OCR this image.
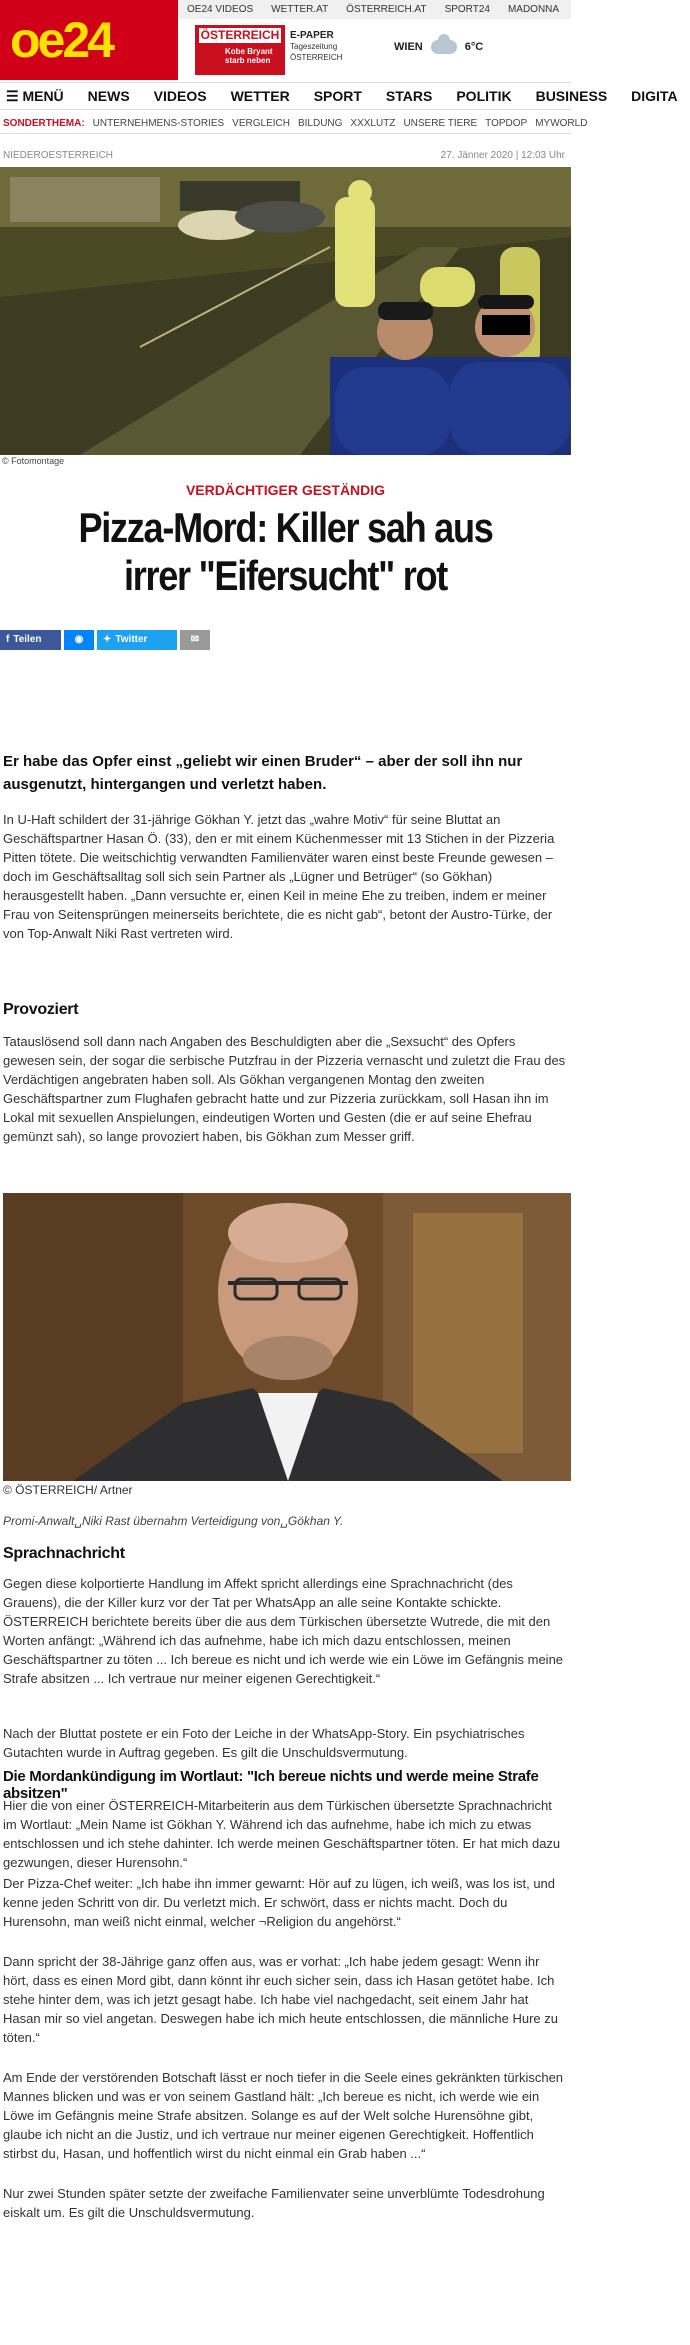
oe24
OE24 VIDEOS	WETTER.AT	ÖSTERREICH.AT	SPORT24	MADONNA
ÖSTERREICH
Kobe Bryant starb neben
E-PAPER
Tageszeitung
ÖSTERREICH
WIEN	6°C
☰ MENÜ	NEWS	VIDEOS	WETTER	SPORT	STARS	POLITIK	BUSINESS	DIGITA
SONDERTHEMA: UNTERNEHMENS-STORIES VERGLEICH BILDUNG XXXLUTZ UNSERE TIERE TOPDOP MYWORLD
NIEDEROESTERREICH	27. Jänner 2020 | 12:03 Uhr
© Fotomontage
VERDÄCHTIGER GESTÄNDIG
Pizza-Mord: Killer sah aus irrer "Eifersucht" rot
f Teilen	◉ ✦ Twitter	✉

Er habe das Opfer einst „geliebt wir einen Bruder“ – aber der soll ihn nur ausgenutzt, hintergangen und verletzt haben.

In U-Haft schildert der 31-jährige Gökhan Y. jetzt das „wahre Motiv“ für seine Bluttat an Geschäftspartner Hasan Ö. (33), den er mit einem Küchenmesser mit 13 Stichen in der Pizzeria Pitten tötete. Die weitschichtig verwandten Familienväter waren einst beste Freunde gewesen – doch im Geschäftsalltag soll sich sein Partner als „Lügner und Betrüger“ (so Gökhan) herausgestellt haben. „Dann versuchte er, einen Keil in meine Ehe zu treiben, indem er meiner Frau von Seitensprüngen meinerseits berichtete, die es nicht gab“, betont der Austro-Türke, der von Top-Anwalt Niki Rast vertreten wird.

Provoziert

Tatauslösend soll dann nach Angaben des Beschuldigten aber die „Sexsucht“ des Opfers gewesen sein, der sogar die serbische Putzfrau in der Pizzeria vernascht und zuletzt die Frau des Verdächtigen angebraten haben soll. Als Gökhan vergangenen Montag den zweiten Geschäftspartner zum Flughafen gebracht hatte und zur Pizzeria zurückkam, soll Hasan ihn im Lokal mit sexuellen Anspielungen, eindeutigen Worten und Gesten (die er auf seine Ehefrau gemünzt sah), so lange provoziert haben, bis Gökhan zum Messer griff.

© ÖSTERREICH/ Artner
Promi-Anwalt␣Niki Rast übernahm Verteidigung von␣Gökhan Y.
Sprachnachricht

Gegen diese kolportierte Handlung im Affekt spricht allerdings eine Sprachnachricht (des Grauens), die der Killer kurz vor der Tat per WhatsApp an alle seine Kontakte schickte. ÖSTERREICH berichtete bereits über die aus dem Türkischen übersetzte Wutrede, die mit den Worten anfängt: „Während ich das aufnehme, habe ich mich dazu entschlossen, meinen Geschäftspartner zu töten ... Ich bereue es nicht und ich werde wie ein Löwe im Gefängnis meine Strafe absitzen ... Ich vertraue nur meiner eigenen Gerechtigkeit.“

Nach der Bluttat postete er ein Foto der Leiche in der WhatsApp-Story. Ein psychiatrisches Gutachten wurde in Auftrag gegeben. Es gilt die Unschuldsvermutung.

Die Mordankündigung im Wortlaut: "Ich bereue nichts und werde meine Strafe absitzen"

Hier die von einer ÖSTERREICH-Mitarbeiterin aus dem Türkischen übersetzte Sprachnachricht im Wortlaut: „Mein Name ist Gökhan Y. Während ich das aufnehme, habe ich mich zu etwas entschlossen und ich stehe dahinter. Ich werde meinen Geschäftspartner töten. Er hat mich dazu gezwungen, dieser Hurensohn.“

Der Pizza-Chef weiter: „Ich habe ihn immer gewarnt: Hör auf zu lügen, ich weiß, was los ist, und kenne jeden Schritt von dir. Du verletzt mich. Er schwört, dass er nichts macht. Doch du Hurensohn, man weiß nicht einmal, welcher ¬Religion du angehörst.“

Dann spricht der 38-Jährige ganz offen aus, was er vorhat: „Ich habe jedem gesagt: Wenn ihr hört, dass es einen Mord gibt, dann könnt ihr euch sicher sein, dass ich Hasan getötet habe. Ich stehe hinter dem, was ich jetzt gesagt habe. Ich habe viel nachgedacht, seit einem Jahr hat Hasan mir so viel angetan. Deswegen habe ich mich heute entschlossen, die männliche Hure zu töten.“

Am Ende der verstörenden Botschaft lässt er noch tiefer in die Seele eines gekränkten türkischen Mannes blicken und was er von seinem Gastland hält: „Ich bereue es nicht, ich werde wie ein Löwe im Gefängnis meine Strafe absitzen. Solange es auf der Welt solche Hurensöhne gibt, glaube ich nicht an die Justiz, und ich vertraue nur meiner eigenen Gerechtigkeit. Hoffentlich stirbst du, Hasan, und hoffentlich wirst du nicht einmal ein Grab haben ...“

Nur zwei Stunden später setzte der zweifache Familienvater seine unverblümte Todesdrohung eiskalt um. Es gilt die Unschuldsvermutung.
